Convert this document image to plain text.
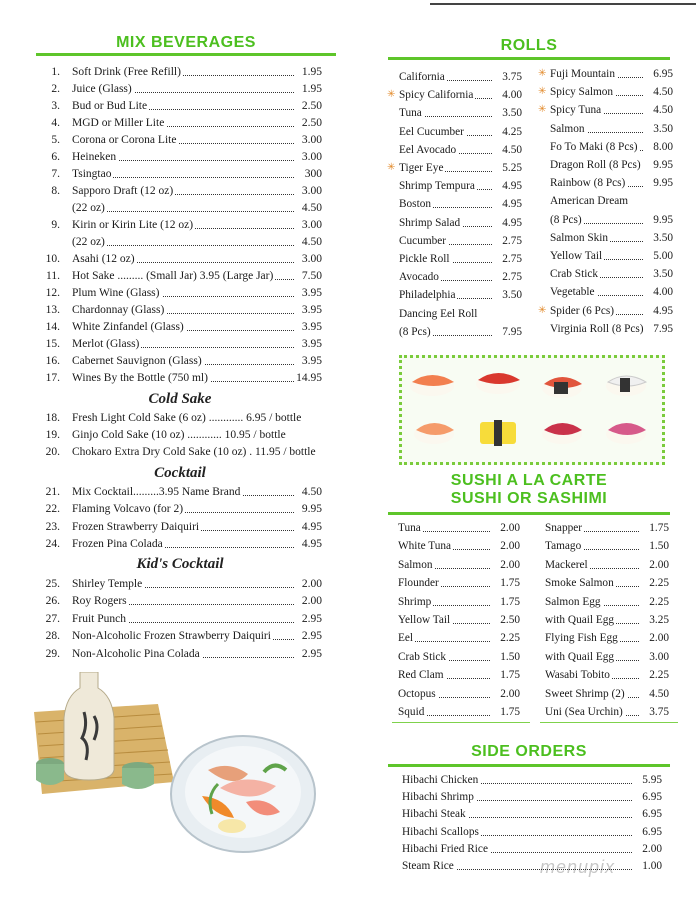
MIX BEVERAGES
1. Soft Drink (Free Refill)	1.95
2. Juice (Glass)	1.95
3. Bud or Bud Lite	2.50
4. MGD or Miller Lite	2.50
5. Corona or Corona Lite	3.00
6. Heineken	3.00
7. Tsingtao	300
8. Sapporo Draft (12 oz)	3.00
(22 oz)	4.50
9. Kirin or Kirin Lite (12 oz)	3.00
(22 oz)	4.50
10. Asahi (12 oz)	3.00
11. Hot Sake ......... (Small Jar) 3.95 (Large Jar) 7.50
12. Plum Wine (Glass)	3.95
13. Chardonnay (Glass)	3.95
14. White Zinfandel (Glass)	3.95
15. Merlot (Glass)	3.95
16. Cabernet Sauvignon (Glass)	3.95
17. Wines By the Bottle (750 ml)	14.95
Cold Sake
18. Fresh Light Cold Sake (6 oz) ............ 6.95 / bottle
19. Ginjo Cold Sake (10 oz) ............ 10.95 / bottle
20. Chokaro Extra Dry Cold Sake (10 oz) . 11.95 / bottle
Cocktail
21. Mix Cocktail.........3.95 Name Brand	4.50
22. Flaming Volcavo (for 2)	9.95
23. Frozen Strawberry Daiquiri	4.95
24. Frozen Pina Colada	4.95
Kid's Cocktail
25. Shirley Temple	2.00
26. Roy Rogers	2.00
27. Fruit Punch	2.95
28. Non-Alcoholic Frozen Strawberry Daiquiri	2.95
29. Non-Alcoholic Pina Colada	2.95
ROLLS
California	3.75
✳ Spicy California	4.00
Tuna	3.50
Eel Cucumber	4.25
Eel Avocado	4.50
✳ Tiger Eye	5.25
Shrimp Tempura 4.95
Boston	4.95
Shrimp Salad	4.95
Cucumber	2.75
Pickle Roll	2.75
Avocado	2.75
Philadelphia	3.50
Dancing Eel Roll
(8 Pcs)	7.95
✳ Fuji Mountain	6.95
✳ Spicy Salmon	4.50
✳ Spicy Tuna	4.50
Salmon	3.50
Fo To Maki (8 Pcs) 8.00
Dragon Roll (8 Pcs) 9.95
Rainbow (8 Pcs) 9.95
American Dream
(8 Pcs)	9.95
Salmon Skin	3.50
Yellow Tail	5.00
Crab Stick	3.50
Vegetable	4.00
✳ Spider (6 Pcs)	4.95
Virginia Roll (8 Pcs) 7.95
SUSHI A LA CARTE
SUSHI OR SASHIMI
Tuna	2.00
White Tuna	2.00
Salmon	2.00
Flounder	1.75
Shrimp	1.75
Yellow Tail	2.50
Eel	2.25
Crab Stick	1.50
Red Clam	1.75
Octopus	2.00
Squid	1.75
Snapper	1.75
Tamago	1.50
Mackerel	2.00
Smoke Salmon	2.25
Salmon Egg	2.25
with Quail Egg	3.25
Flying Fish Egg	2.00
with Quail Egg	3.00
Wasabi Tobito	2.25
Sweet Shrimp (2) 4.50
Uni (Sea Urchin) 3.75
SIDE ORDERS
Hibachi Chicken	5.95
Hibachi Shrimp	6.95
Hibachi Steak	6.95
Hibachi Scallops	6.95
Hibachi Fried Rice	2.00
Steam Rice	1.00
menupix
